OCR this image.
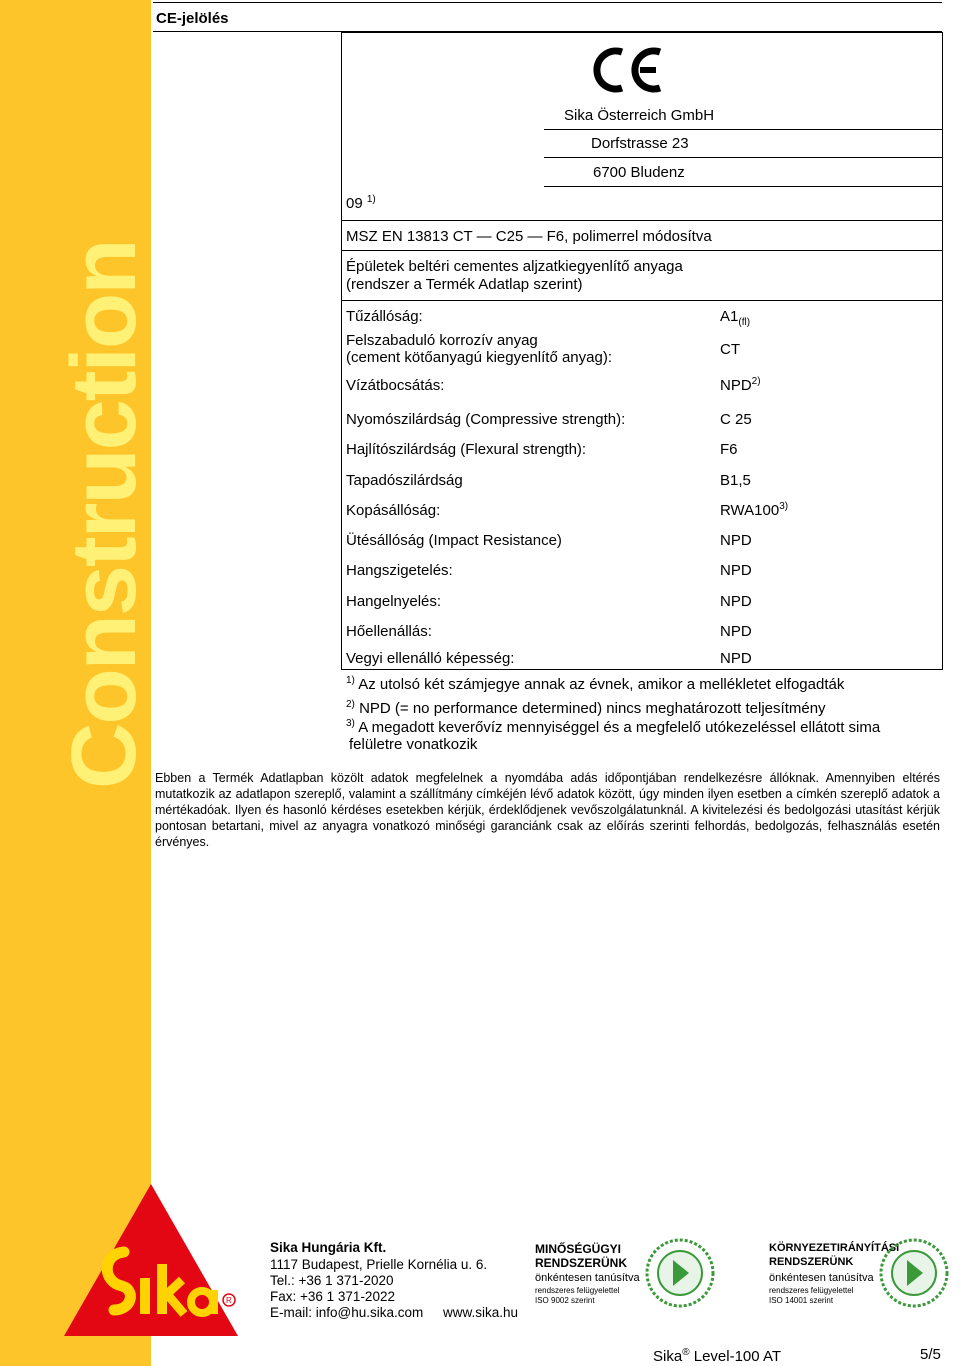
Construction
R
CE-jelölés
Sika Österreich GmbH
Dorfstrasse 23
6700 Bludenz
09 $^{1)}$
MSZ EN 13813 CT — C25 — F6, polimerrel módosítva
Épületek beltéri cementes aljzatkiegyenlítő anyaga
(rendszer a Termék Adatlap szerint)
Tűzállóság:	$A1_{(fl)}$
Felszabaduló korrozív anyag
(cement kötőanyagú kiegyenlítő anyag):	CT
Vízátbocsátás:	NPD$^{2)}$
Nyomószilárdság (Compressive strength):	C 25
Hajlítószilárdság (Flexural strength):	F6
Tapadószilárdság	B1,5
Kopásállóság:	RWA100$^{3)}$
Ütésállóság (Impact Resistance)	NPD
Hangszigetelés:	NPD
Hangelnyelés:	NPD
Hőellenállás:	NPD
Vegyi ellenálló képesség:	NPD
$^{1)}$ Az utolsó két számjegye annak az évnek, amikor a mellékletet elfogadták
$^{2)}$ NPD (= no performance determined) nincs meghatározott teljesítmény
$^{3)}$ A megadott keverővíz mennyiséggel és a megfelelő utókezeléssel ellátott sima
felületre vonatkozik
Ebben a Termék Adatlapban közölt adatok megfelelnek a nyomdába adás időpontjában rendelkezésre állóknak. Amennyiben eltérés mutatkozik az adatlapon szereplő, valamint a szállítmány címkéjén lévő adatok között, úgy minden ilyen esetben a címkén szereplő adatok a mértékadóak. Ilyen és hasonló kérdéses esetekben kérjük, érdeklődjenek vevőszolgálatunknál. A kivitelezési és bedolgozási utasítást kérjük pontosan betartani, mivel az anyagra vonatkozó minőségi garanciánk csak az előírás szerinti felhordás, bedolgozás, felhasználás esetén érvényes.
Sika Hungária Kft.
1117 Budapest, Prielle Kornélia u. 6.
Tel.: +36 1 371-2020
Fax: +36 1 371-2022
E-mail: info@hu.sika.com www.sika.hu
MINŐSÉGÜGYI
RENDSZERÜNK
önkéntesen tanúsítva
rendszeres felügyelettel
ISO 9002 szerint
KÖRNYEZETIRÁNYÍTÁSI
RENDSZERÜNK
önkéntesen tanúsítva
rendszeres felügyelettel
ISO 14001 szerint
Sika® Level-100 AT	5/5
